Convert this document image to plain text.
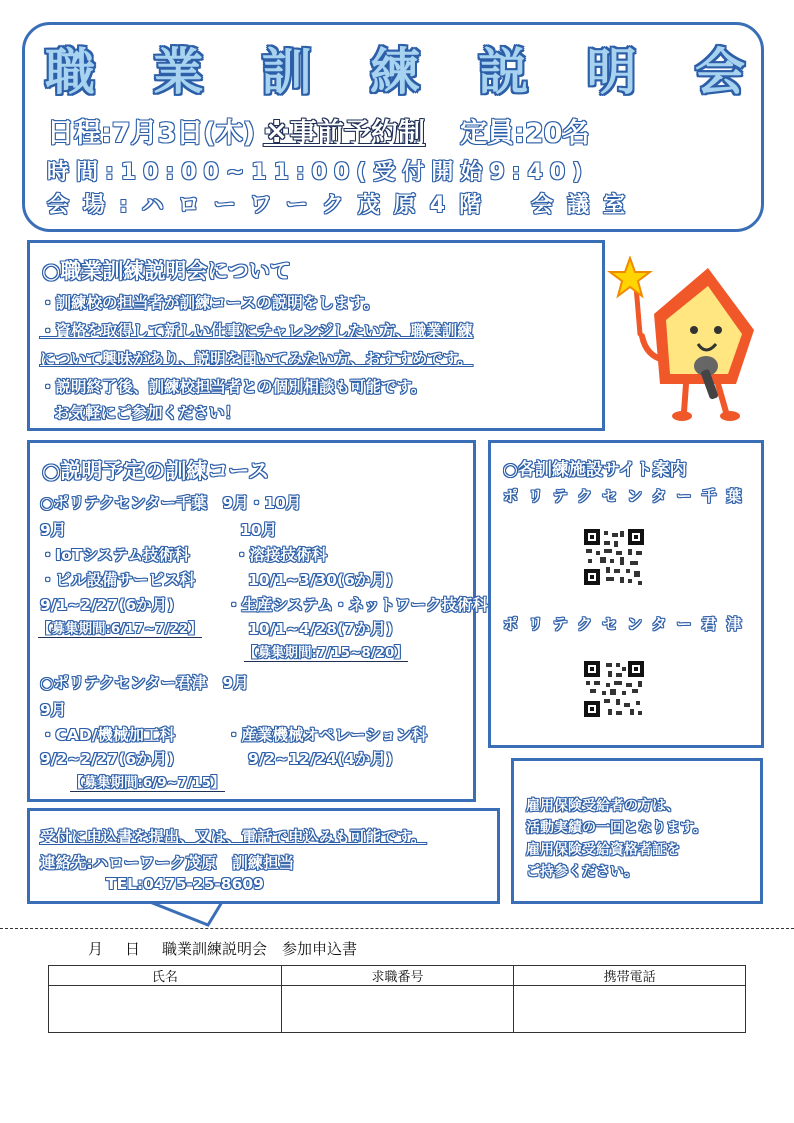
職 業 訓 練 説 明 会
日程:7月3日(木) ※事前予約制 定員:20名
時間:10:00~11:00(受付開始9:40)
会場:ハローワーク茂原4階　会議室
○職業訓練説明会について
・訓練校の担当者が訓練コースの説明をします。
・資格を取得して新しい仕事にチャレンジしたい方、職業訓練
について興味があり、説明を聞いてみたい方、おすすめです。
・説明終了後、訓練校担当者との個別相談も可能です。
お気軽にご参加ください！
○説明予定の訓練コース
○ポリテクセンター千葉　9月・10月
9月	10月
・IoTシステム技術科	・溶接技術科
・ビル設備サービス科	10/1~3/30(6か月)
9/1~2/27(6か月)	・生産システム・ネットワーク技術科
【募集期間:6/17~7/22】	10/1~4/28(7か月)
【募集期間:7/15~8/20】
○ポリテクセンター君津　9月
9月
・CAD/機械加工科	・産業機械オペレーション科
9/2~2/27(6か月)	9/2~12/24(4か月)
【募集期間:6/9~7/15】
○各訓練施設サイト案内
ポリテクセンター千葉
ポリテクセンター君津
雇用保険受給者の方は、
活動実績の一回となります。
雇用保険受給資格者証を
ご持参ください。
受付に申込書を提出、又は、電話で申込みも可能です。
連絡先:ハローワーク茂原　訓練担当
TEL:0475-25-8609
月 日 職業訓練説明会　参加申込書
氏名	求職番号	携帯電話
